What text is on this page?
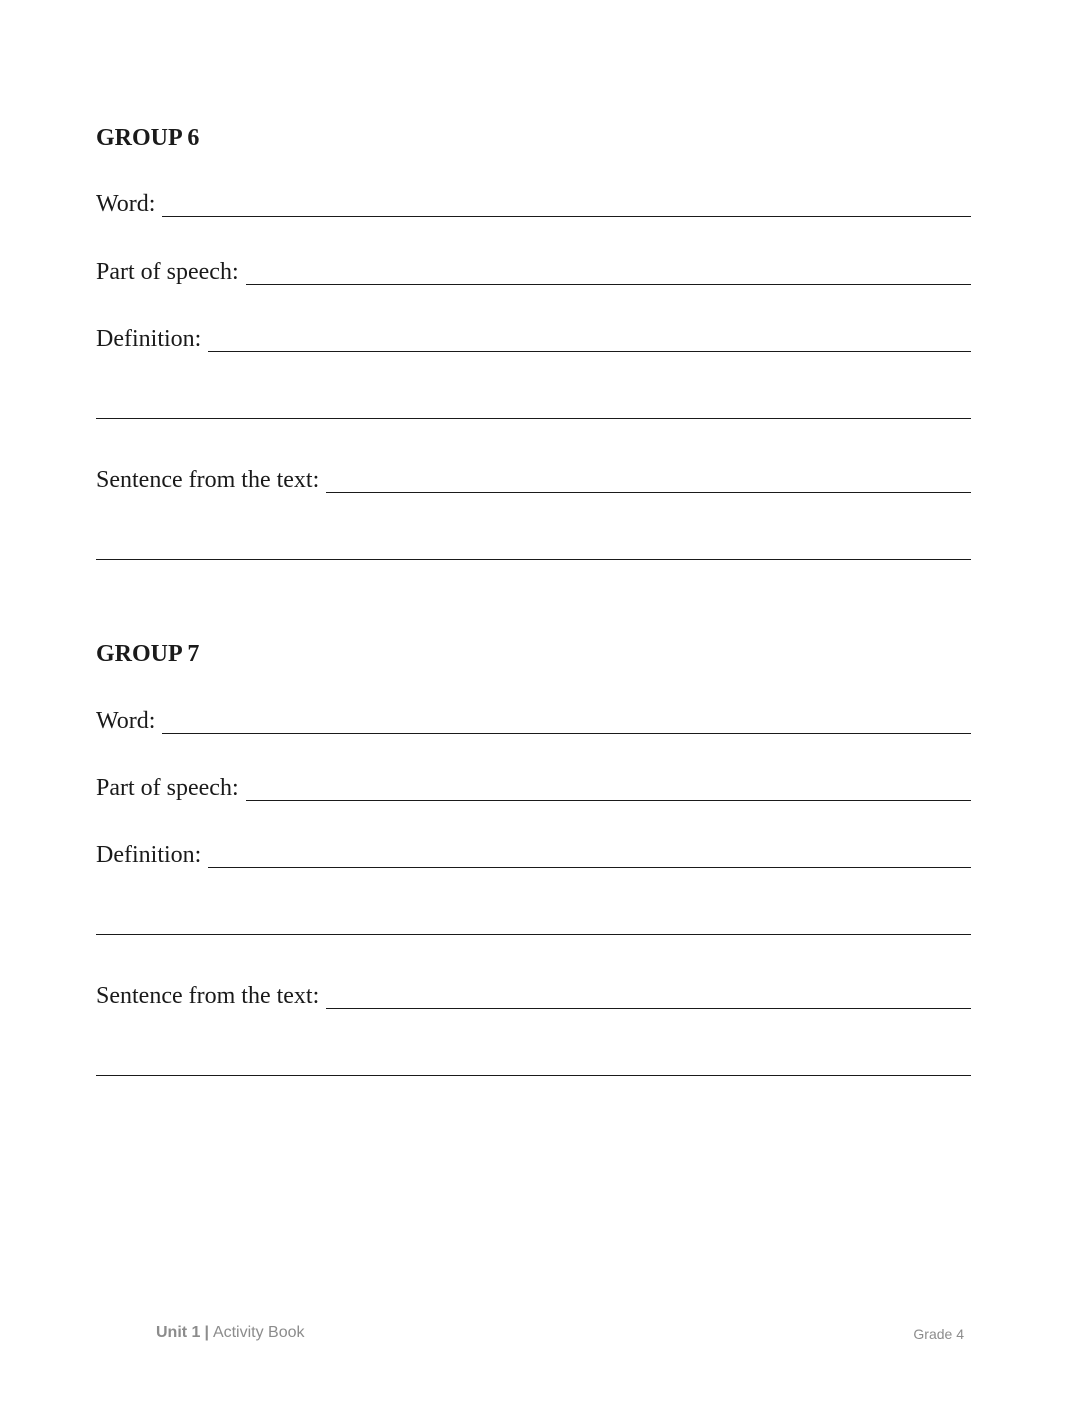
GROUP 6
Word:
Part of speech:
Definition:
Sentence from the text:
GROUP 7
Word:
Part of speech:
Definition:
Sentence from the text:
Unit 1 | Activity Book	Grade 4
